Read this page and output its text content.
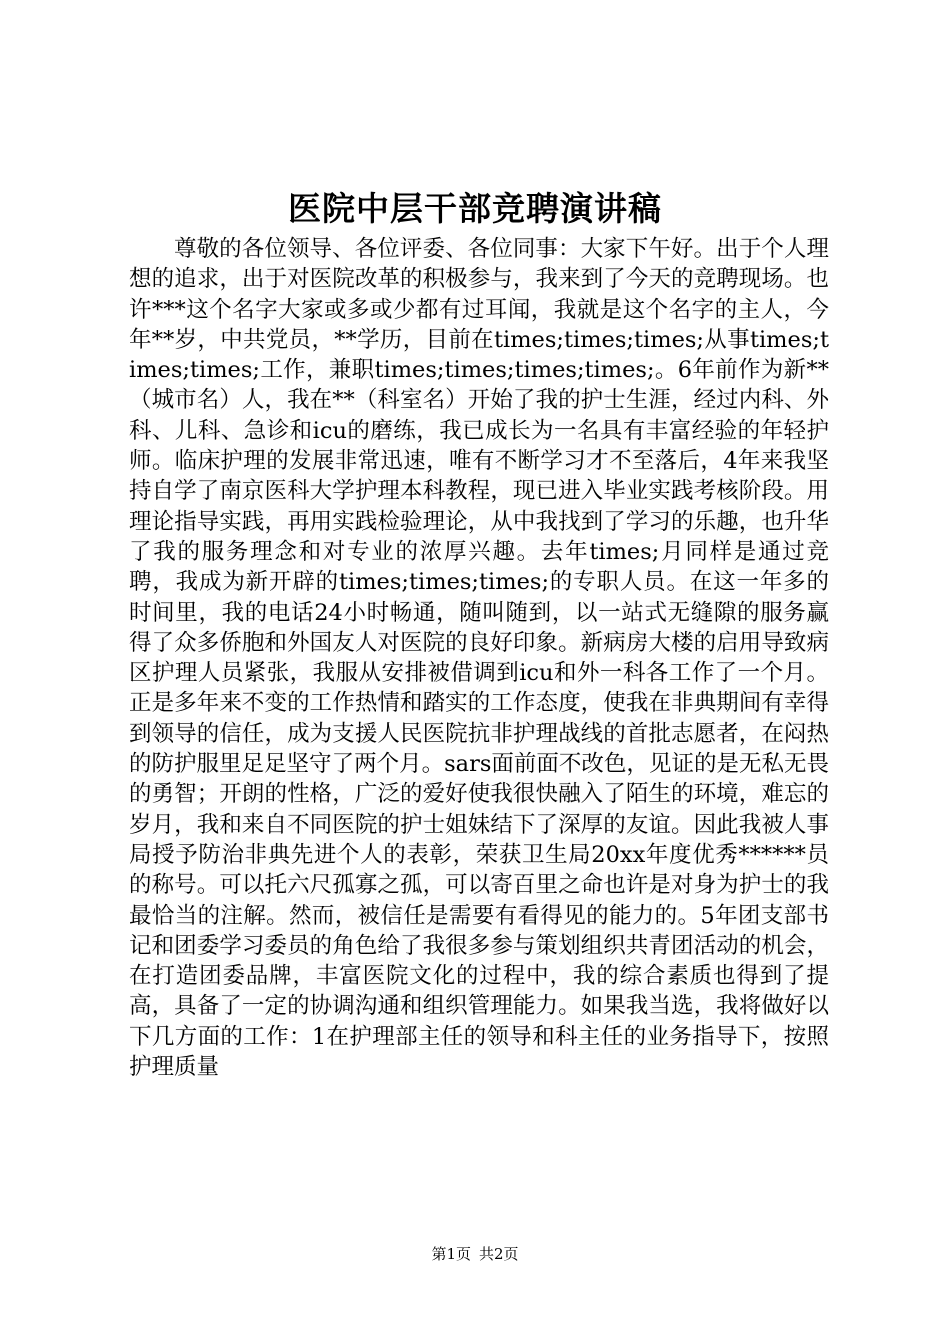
医院中层干部竞聘演讲稿

尊敬的各位领导、各位评委、各位同事：大家下午好。出于个人理想的追求，出于对医院改革的积极参与，我来到了今天的竞聘现场。也许***这个名字大家或多或少都有过耳闻，我就是这个名字的主人，今年**岁，中共党员，**学历，目前在times;times;times;从事times;times;times;工作，兼职times;times;times;times;。6年前作为新**（城市名）人，我在**（科室名）开始了我的护士生涯，经过内科、外科、儿科、急诊和icu的磨练，我已成长为一名具有丰富经验的年轻护师。临床护理的发展非常迅速，唯有不断学习才不至落后，4年来我坚持自学了南京医科大学护理本科教程，现已进入毕业实践考核阶段。用理论指导实践，再用实践检验理论，从中我找到了学习的乐趣，也升华了我的服务理念和对专业的浓厚兴趣。去年times;月同样是通过竞聘，我成为新开辟的times;times;times;的专职人员。在这一年多的时间里，我的电话24小时畅通，随叫随到，以一站式无缝隙的服务赢得了众多侨胞和外国友人对医院的良好印象。新病房大楼的启用导致病区护理人员紧张，我服从安排被借调到icu和外一科各工作了一个月。正是多年来不变的工作热情和踏实的工作态度，使我在非典期间有幸得到领导的信任，成为支援人民医院抗非护理战线的首批志愿者，在闷热的防护服里足足坚守了两个月。sars面前面不改色，见证的是无私无畏的勇智；开朗的性格，广泛的爱好使我很快融入了陌生的环境，难忘的岁月，我和来自不同医院的护士姐妹结下了深厚的友谊。因此我被人事局授予防治非典先进个人的表彰，荣获卫生局20xx年度优秀******员的称号。可以托六尺孤寡之孤，可以寄百里之命也许是对身为护士的我最恰当的注解。然而，被信任是需要有看得见的能力的。5年团支部书记和团委学习委员的角色给了我很多参与策划组织共青团活动的机会，在打造团委品牌，丰富医院文化的过程中，我的综合素质也得到了提高，具备了一定的协调沟通和组织管理能力。如果我当选，我将做好以下几方面的工作：1在护理部主任的领导和科主任的业务指导下，按照护理质量

第1页 共2页
